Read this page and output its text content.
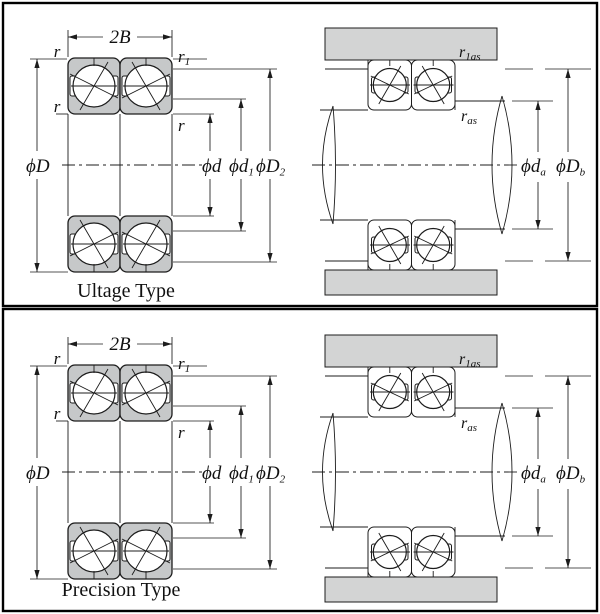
2B
r	r1
r
r
ϕD	ϕd ϕd1 ϕD2
r1as
ras
ϕda ϕDb
Ultage Type
2B
r	r1
r
r
ϕD	ϕd ϕd1 ϕD2
r1as
ras
ϕda ϕDb
Precision Type
